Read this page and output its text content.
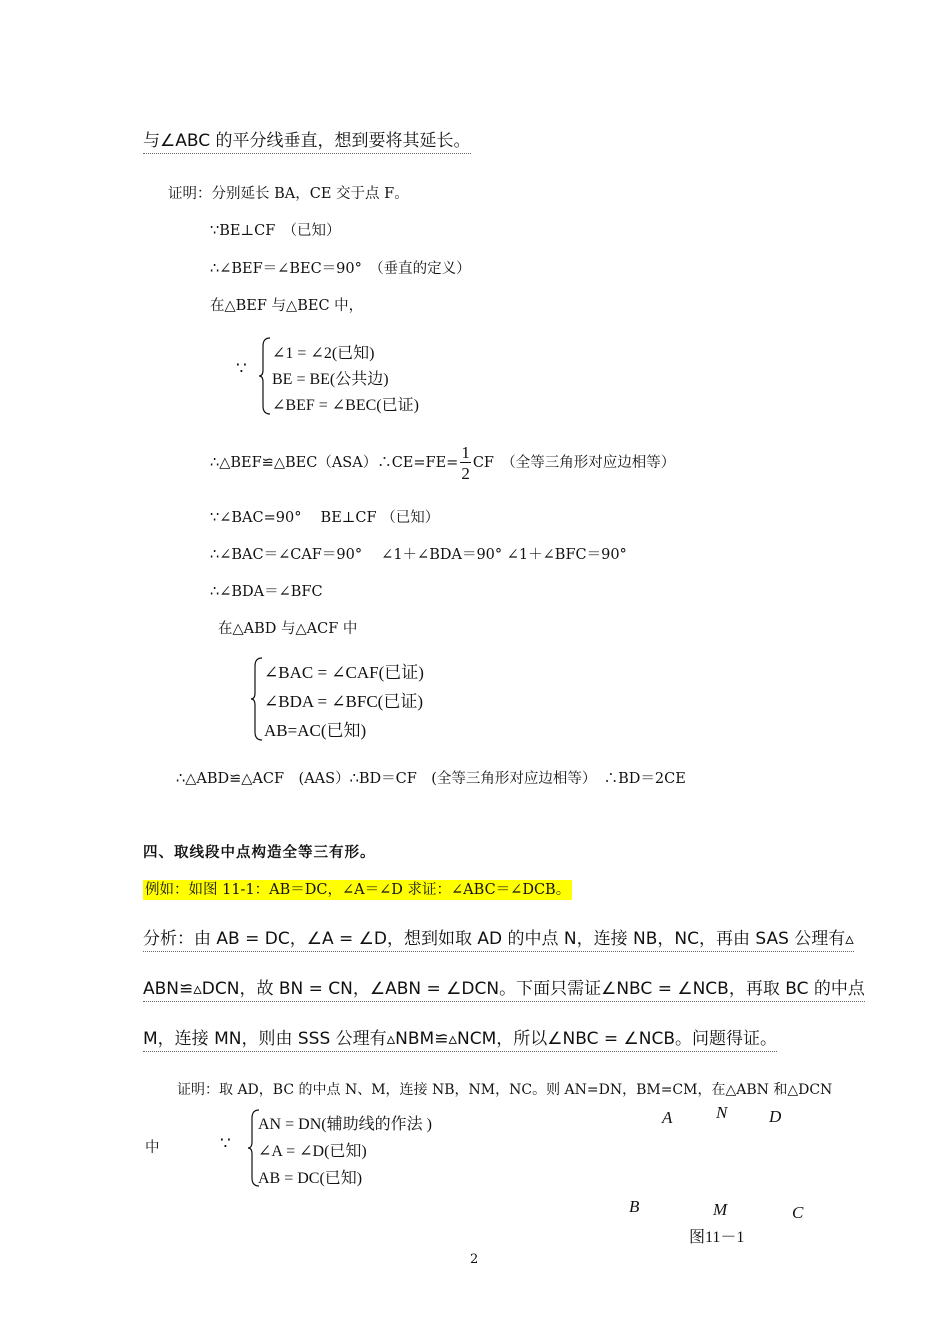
与∠ABC 的平分线垂直，想到要将其延长。
证明：分别延长 BA，CE 交于点 F。
∵BE⊥CF　（已知）
∴∠BEF＝∠BEC＝90°　（垂直的定义）
在△BEF 与△BEC 中，
∵
∠1 = ∠2(已知)
BE = BE(公共边)
∠BEF = ∠BEC(已证)
∴△BEF≌△BEC（ASA）∴CE=FE= $\frac{1}{2}$ CF　（全等三角形对应边相等）
∵∠BAC=90°　 BE⊥CF （已知）
∴∠BAC＝∠CAF＝90°　 ∠1＋∠BDA＝90° ∠1＋∠BFC＝90°
∴∠BDA＝∠BFC
在△ABD 与△ACF 中
∠BAC = ∠CAF(已证)
∠BDA = ∠BFC(已证)
AB=AC(已知)
∴△ABD≌△ACF　(AAS）∴BD＝CF　(全等三角形对应边相等）　∴BD＝2CE
四、取线段中点构造全等三有形。
例如：如图 11-1：AB＝DC，∠A＝∠D 求证：∠ABC＝∠DCB。
分析：由 AB = DC，∠A = ∠D，想到如取 AD 的中点 N，连接 NB，NC，再由 SAS 公理有▵
ABN≌▵DCN，故 BN = CN，∠ABN = ∠DCN。下面只需证∠NBC = ∠NCB，再取 BC 的中点
M，连接 MN，则由 SSS 公理有▵NBM≌▵NCM，所以∠NBC = ∠NCB。问题得证。
证明：取 AD，BC 的中点 N、M，连接 NB，NM，NC。则 AN=DN，BM=CM，在△ABN 和△DCN
中	∵
AN = DN(辅助线的作法 )
∠A = ∠D(已知)
AB = DC(已知)
A	N D
B	M	C
图11－1
2
